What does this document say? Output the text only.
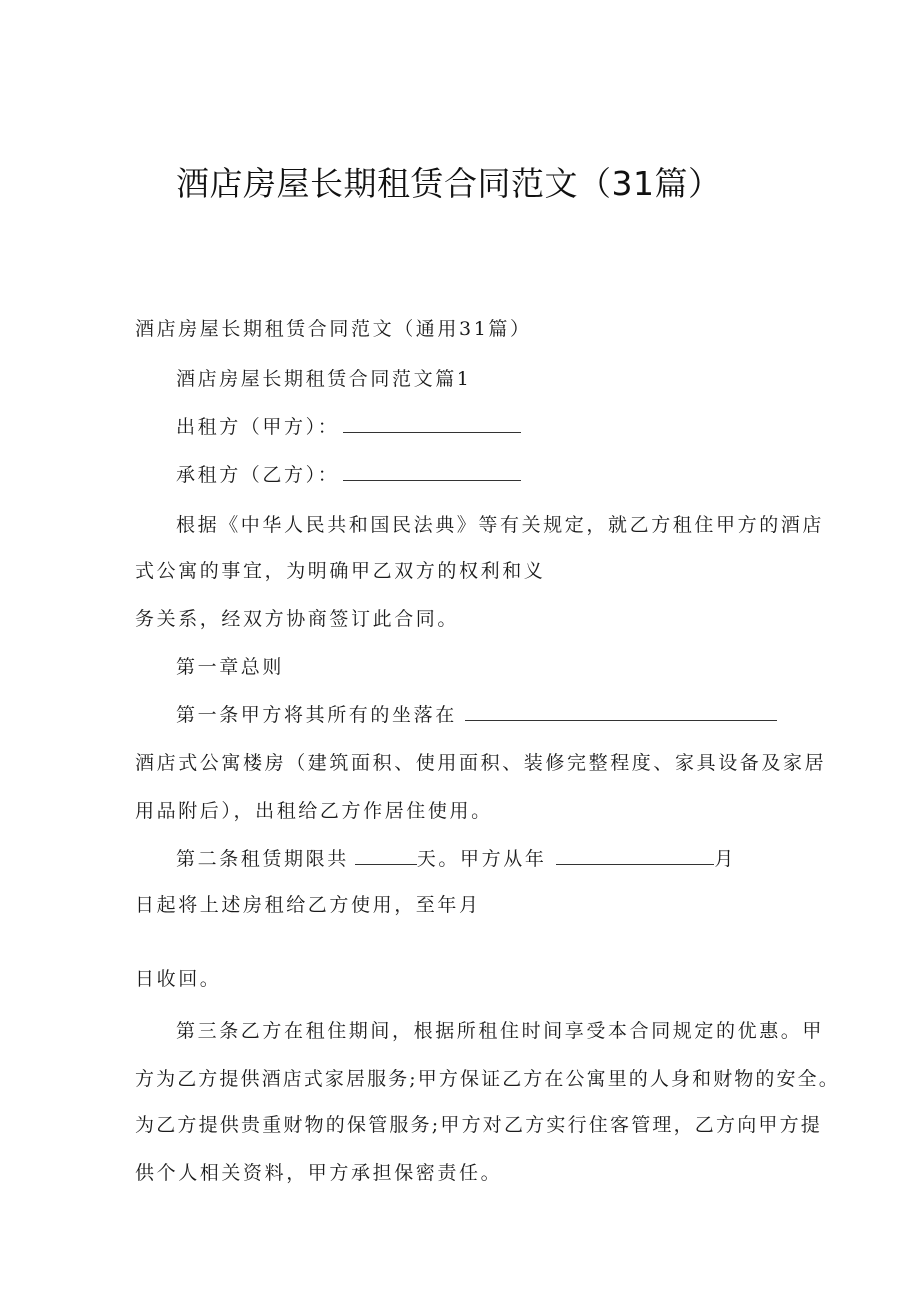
酒店房屋长期租赁合同范文（31篇）
酒店房屋长期租赁合同范文（通用31篇）
酒店房屋长期租赁合同范文篇1
出租方（甲方）：
承租方（乙方）：
根据《中华人民共和国民法典》等有关规定，就乙方租住甲方的酒店
式公寓的事宜，为明确甲乙双方的权利和义
务关系，经双方协商签订此合同。
第一章总则
第一条甲方将其所有的坐落在
酒店式公寓楼房（建筑面积、使用面积、装修完整程度、家具设备及家居
用品附后），出租给乙方作居住使用。
第二条租赁期限共	天。甲方从年	月
日起将上述房租给乙方使用，至年月
日收回。
第三条乙方在租住期间，根据所租住时间享受本合同规定的优惠。甲
方为乙方提供酒店式家居服务;甲方保证乙方在公寓里的人身和财物的安全。
为乙方提供贵重财物的保管服务;甲方对乙方实行住客管理，乙方向甲方提
供个人相关资料，甲方承担保密责任。
